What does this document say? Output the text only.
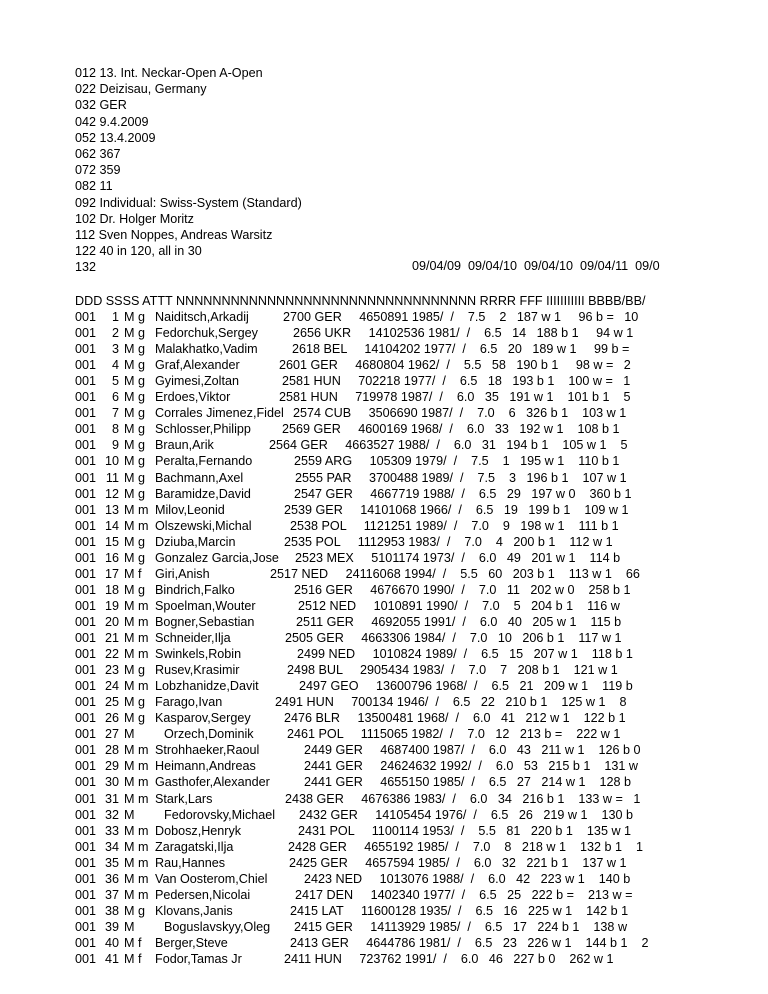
012 13. Int. Neckar-Open A-Open
022 Deizisau, Germany
032 GER
042 9.4.2009
052 13.4.2009
062 367
072 359
082 11
092 Individual: Swiss-System (Standard)
102 Dr. Holger Moritz
112 Sven Noppes, Andreas Warsitz
122 40 in 120, all in 30
132	09/04/09  09/04/10  09/04/10  09/04/11  09/0
DDD SSSS ATTT NNNNNNNNNNNNNNNNNNNNNNNNNNNNNNNNN RRRR FFF IIIIIIIIIII BBBB/BB/
001	1 M g Naiditsch,Arkadij	2700 GER     4650891 1985/  /    7.5    2   187 w 1     96 b =   10
001	2 M g Fedorchuk,Sergey	2656 UKR     14102536 1981/  /    6.5   14   188 b 1     94 w 1
001	3 M g Malakhatko,Vadim	2618 BEL     14104202 1977/  /    6.5   20   189 w 1     99 b =
001	4 M g Graf,Alexander	2601 GER     4680804 1962/  /    5.5   58   190 b 1     98 w =   2
001	5 M g Gyimesi,Zoltan	2581 HUN     702218 1977/  /    6.5   18   193 b 1    100 w =   1
001	6 M g Erdoes,Viktor	2581 HUN     719978 1987/  /    6.0   35   191 w 1    101 b 1    5
001	7 M g Corrales Jimenez,Fidel 2574 CUB     3506690 1987/  /    7.0    6   326 b 1    103 w 1
001	8 M g Schlosser,Philipp 2569 GER     4600169 1968/  /    6.0   33   192 w 1    108 b 1
001	9 M g Braun,Arik	2564 GER     4663527 1988/  /    6.0   31   194 b 1    105 w 1    5
001 10 M g Peralta,Fernando	2559 ARG     105309 1979/  /    7.5    1   195 w 1    110 b 1
001 11 M g Bachmann,Axel	2555 PAR     3700488 1989/  /    7.5    3   196 b 1    107 w 1
001 12 M g Baramidze,David	2547 GER     4667719 1988/  /    6.5   29   197 w 0    360 b 1
001 13 M m Milov,Leonid	2539 GER     14101068 1966/  /    6.5   19   199 b 1    109 w 1
001 14 M m Olszewski,Michal	2538 POL     1121251 1989/  /    7.0    9   198 w 1    111 b 1
001 15 M g Dziuba,Marcin	2535 POL     1112953 1983/  /    7.0    4   200 b 1    112 w 1
001 16 M g Gonzalez Garcia,Jose 2523 MEX     5101174 1973/  /    6.0   49   201 w 1    114 b
001 17 M f Giri,Anish	2517 NED     24116068 1994/  /    5.5   60   203 b 1    113 w 1    66
001 18 M g Bindrich,Falko	2516 GER     4676670 1990/  /    7.0   11   202 w 0    258 b 1
001 19 M m Spoelman,Wouter	2512 NED     1010891 1990/  /    7.0    5   204 b 1    116 w
001 20 M m Bogner,Sebastian	2511 GER     4692055 1991/  /    6.0   40   205 w 1    115 b
001 21 M m Schneider,Ilja	2505 GER     4663306 1984/  /    7.0   10   206 b 1    117 w 1
001 22 M m Swinkels,Robin	2499 NED     1010824 1989/  /    6.5   15   207 w 1    118 b 1
001 23 M g Rusev,Krasimir	2498 BUL     2905434 1983/  /    7.0    7   208 b 1    121 w 1
001 24 M m Lobzhanidze,Davit	2497 GEO     13600796 1968/  /    6.5   21   209 w 1    119 b
001 25 M g Farago,Ivan	2491 HUN     700134 1946/  /    6.5   22   210 b 1    125 w 1    8
001 26 M g Kasparov,Sergey	2476 BLR     13500481 1968/  /    6.0   41   212 w 1    122 b 1
001 27 M Orzech,Dominik	2461 POL     1115065 1982/  /    7.0   12   213 b =    222 w 1
001 28 M m Strohhaeker,Raoul	2449 GER     4687400 1987/  /    6.0   43   211 w 1    126 b 0
001 29 M m Heimann,Andreas	2441 GER     24624632 1992/  /    6.0   53   215 b 1    131 w
001 30 M m Gasthofer,Alexander	2441 GER     4655150 1985/  /    6.5   27   214 w 1    128 b
001 31 M m Stark,Lars	2438 GER     4676386 1983/  /    6.0   34   216 b 1    133 w =   1
001 32 M Fedorovsky,Michael 2432 GER     14105454 1976/  /    6.5   26   219 w 1    130 b
001 33 M m Dobosz,Henryk	2431 POL     1100114 1953/  /    5.5   81   220 b 1    135 w 1
001 34 M m Zaragatski,Ilja	2428 GER     4655192 1985/  /    7.0    8   218 w 1    132 b 1    1
001 35 M m Rau,Hannes	2425 GER     4657594 1985/  /    6.0   32   221 b 1    137 w 1
001 36 M m Van Oosterom,Chiel	2423 NED     1013076 1988/  /    6.0   42   223 w 1    140 b
001 37 M m Pedersen,Nicolai	2417 DEN     1402340 1977/  /    6.5   25   222 b =    213 w =
001 38 M g Klovans,Janis	2415 LAT     11600128 1935/  /    6.5   16   225 w 1    142 b 1
001 39 M Boguslavskyy,Oleg 2415 GER     14113929 1985/  /    6.5   17   224 b 1    138 w
001 40 M f Berger,Steve	2413 GER     4644786 1981/  /    6.5   23   226 w 1    144 b 1    2
001 41 M f Fodor,Tamas Jr	2411 HUN     723762 1991/  /    6.0   46   227 b 0    262 w 1
